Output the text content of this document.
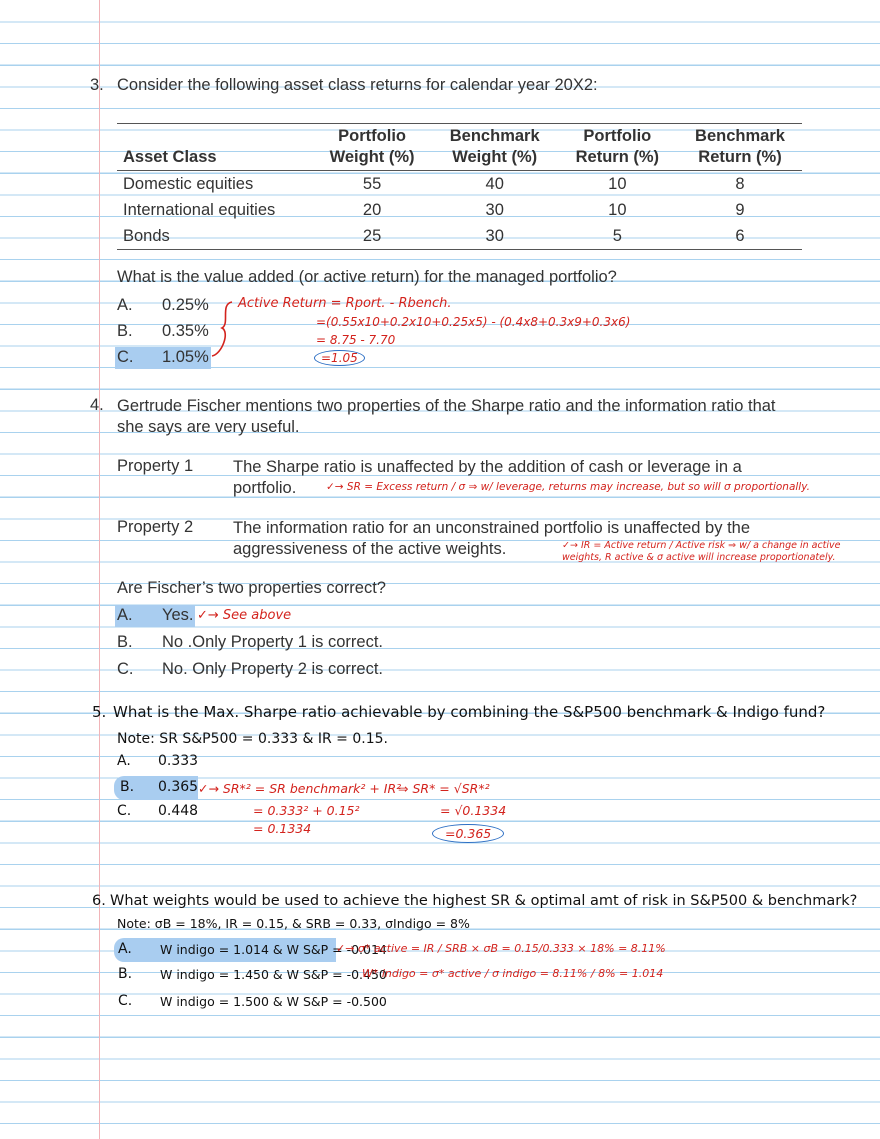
3. Consider the following asset class returns for calendar year 20X2:
Asset Class	Portfolio Weight (%)	Benchmark Weight (%)	Portfolio Return (%)	Benchmark Return (%)
Domestic equities	55	40	10	8
International equities	20	30	10	9
Bonds	25	30	5	6
What is the value added (or active return) for the managed portfolio?
A. 0.25%
B. 0.35%
C. 1.05%
Active Return = Rport. - Rbench.
=(0.55x10+0.2x10+0.25x5) - (0.4x8+0.3x9+0.3x6)
= 8.75 - 7.70
=1.05
4. Gertrude Fischer mentions two properties of the Sharpe ratio and the information ratio that she says are very useful.
Property 1 The Sharpe ratio is unaffected by the addition of cash or leverage in a portfolio.	✓→ SR = Excess return / σ ⇒ w/ leverage, returns may increase, but so will σ proportionally.
Property 2 The information ratio for an unconstrained portfolio is unaffected by the aggressiveness of the active weights.	✓→ IR = Active return / Active risk ⇒ w/ a change in active weights, R active & σ active will increase proportionately.
Are Fischer’s two properties correct?
A. Yes. ✓→ See above
B. No .Only Property 1 is correct.
C. No. Only Property 2 is correct.
5. What is the Max. Sharpe ratio achievable by combining the S&P500 benchmark & Indigo fund?
Note: SR S&P500 = 0.333 & IR = 0.15.
A. 0.333
B. 0.365
C. 0.448
✓→ SR*² = SR benchmark² + IR²
= 0.333² + 0.15²
= 0.1334
⇒ SR* = √SR*²
= √0.1334
=0.365
6. What weights would be used to achieve the highest SR & optimal amt of risk in S&P500 & benchmark?
Note: σB = 18%, IR = 0.15, & SRB = 0.33, σIndigo = 8%
A. W indigo = 1.014 & W S&P = -0.014
B. W indigo = 1.450 & W S&P = -0.450
C. W indigo = 1.500 & W S&P = -0.500
✓→ σ* active = IR / SRB × σB = 0.15/0.333 × 18% = 8.11%
W* indigo = σ* active / σ indigo = 8.11% / 8% = 1.014
